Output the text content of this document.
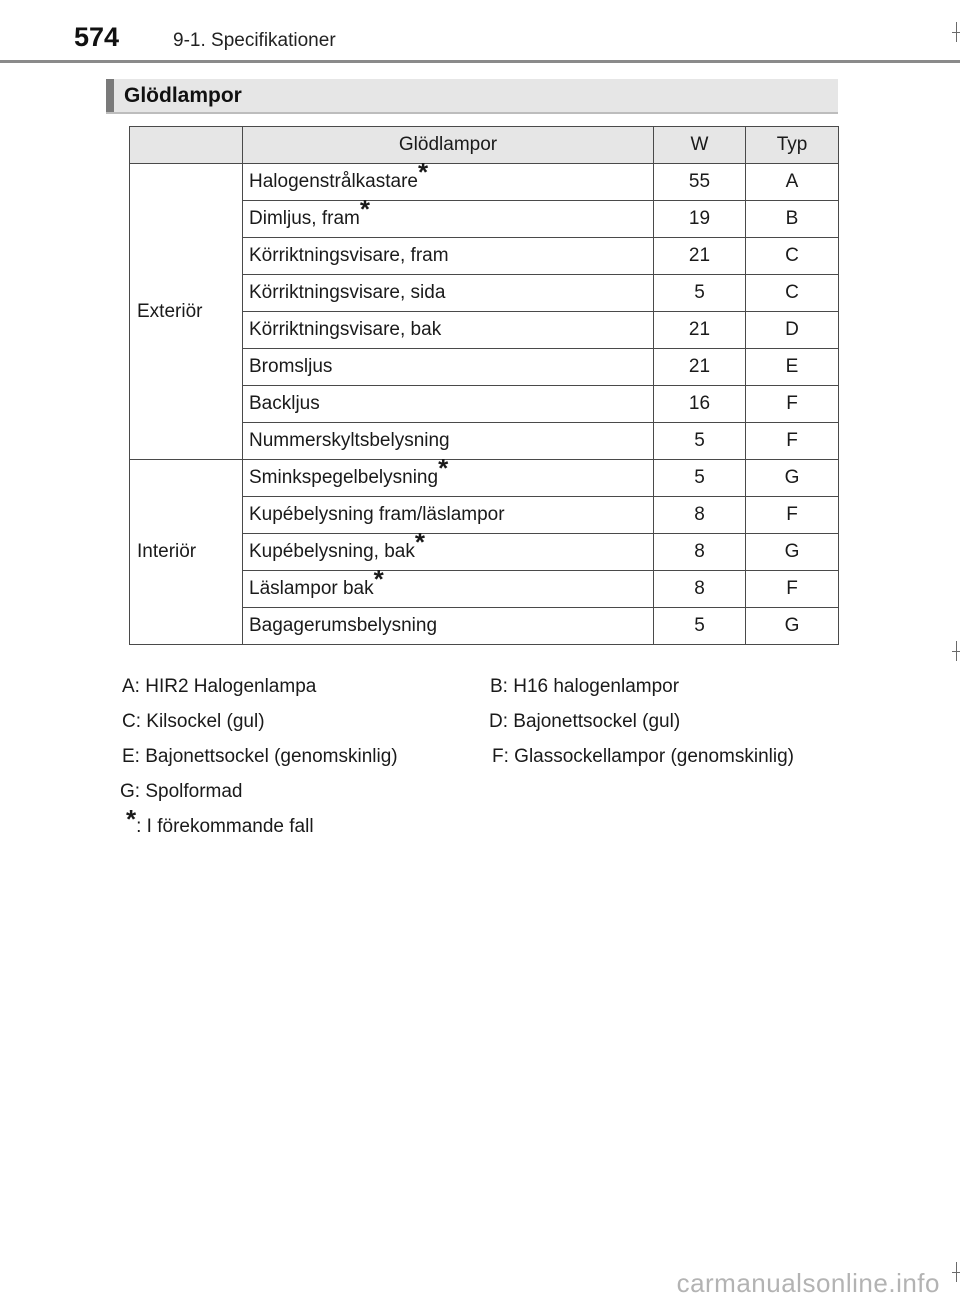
574	9-1. Specifikationer
Glödlampor
	Glödlampor	W	Typ
Exteriör	Halogenstrålkastare*	55	A
	Dimljus, fram*	19	B
	Körriktningsvisare, fram	21	C
	Körriktningsvisare, sida	5	C
	Körriktningsvisare, bak	21	D
	Bromsljus	21	E
	Backljus	16	F
	Nummerskyltsbelysning	5	F
Interiör	Sminkspegelbelysning*	5	G
	Kupébelysning fram/läslampor	8	F
	Kupébelysning, bak*	8	G
	Läslampor bak*	8	F
	Bagagerumsbelysning	5	G
A: HIR2 Halogenlampa	B: H16 halogenlampor
C: Kilsockel (gul)	D: Bajonettsockel (gul)
E: Bajonettsockel (genomskinlig)	F: Glassockellampor (genomskinlig)
G: Spolformad
*: I förekommande fall
carmanualsonline.info
